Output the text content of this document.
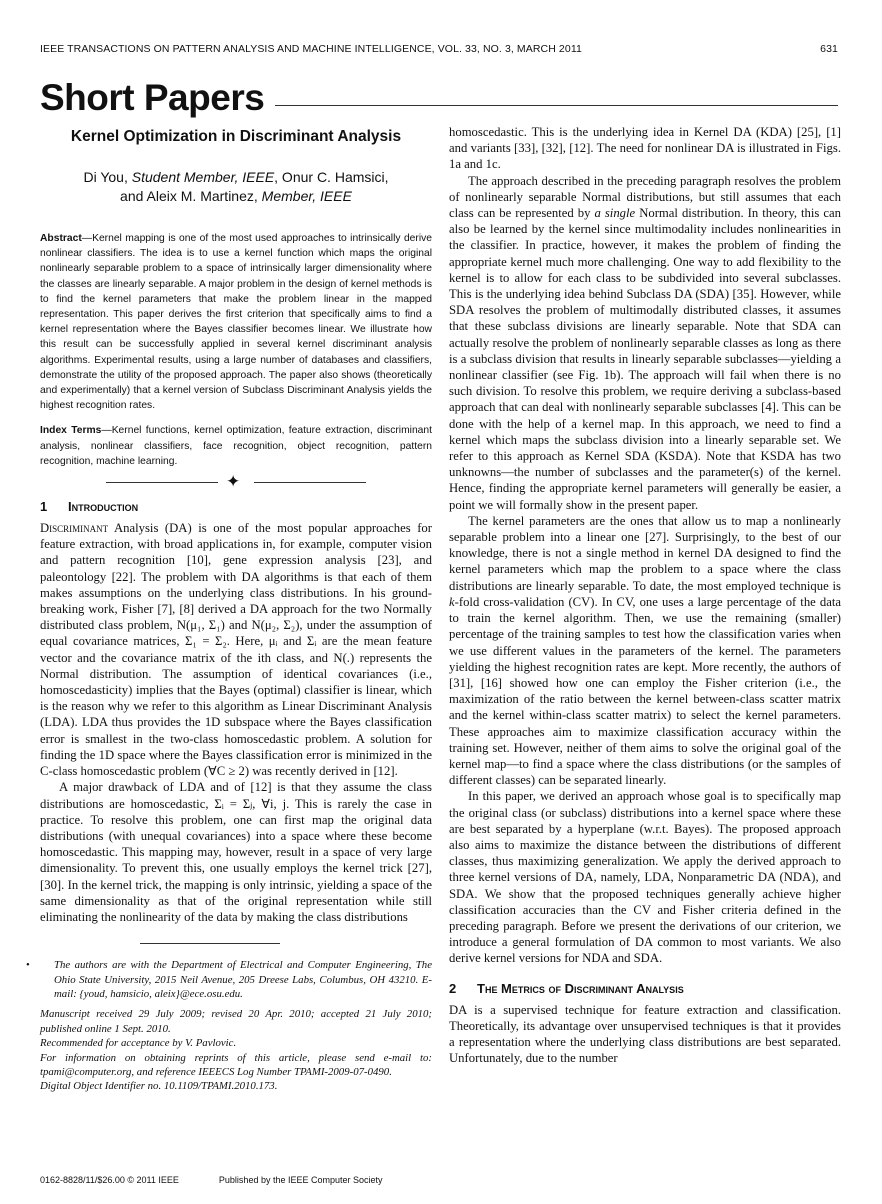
IEEE TRANSACTIONS ON PATTERN ANALYSIS AND MACHINE INTELLIGENCE, VOL. 33, NO. 3, MARCH 2011	631
Short Papers
Kernel Optimization in Discriminant Analysis
Di You, Student Member, IEEE, Onur C. Hamsici,
and Aleix M. Martinez, Member, IEEE
Abstract—Kernel mapping is one of the most used approaches to intrinsically derive nonlinear classifiers. The idea is to use a kernel function which maps the original nonlinearly separable problem to a space of intrinsically larger dimensionality where the classes are linearly separable. A major problem in the design of kernel methods is to find the kernel parameters that make the problem linear in the mapped representation. This paper derives the first criterion that specifically aims to find a kernel representation where the Bayes classifier becomes linear. We illustrate how this result can be successfully applied in several kernel discriminant analysis algorithms. Experimental results, using a large number of databases and classifiers, demonstrate the utility of the proposed approach. The paper also shows (theoretically and experimentally) that a kernel version of Subclass Discriminant Analysis yields the highest recognition rates.
Index Terms—Kernel functions, kernel optimization, feature extraction, discriminant analysis, nonlinear classifiers, face recognition, object recognition, pattern recognition, machine learning.
✦
1 Introduction

Discriminant Analysis (DA) is one of the most popular approaches for feature extraction, with broad applications in, for example, computer vision and pattern recognition [10], gene expression analysis [23], and paleontology [22]. The problem with DA algorithms is that each of them makes assumptions on the underlying class distributions. In his ground-breaking work, Fisher [7], [8] derived a DA approach for the two Normally distributed class problem, N(μ₁, Σ₁) and N(μ₂, Σ₂), under the assumption of equal covariance matrices, Σ₁ = Σ₂. Here, μᵢ and Σᵢ are the mean feature vector and the covariance matrix of the ith class, and N(.) represents the Normal distribution. The assumption of identical covariances (i.e., homoscedasticity) implies that the Bayes (optimal) classifier is linear, which is the reason why we refer to this algorithm as Linear Discriminant Analysis (LDA). LDA thus provides the 1D subspace where the Bayes classification error is smallest in the two-class homoscedastic problem. A solution for finding the 1D space where the Bayes classification error is minimized in the C-class homoscedastic problem (∀C ≥ 2) was recently derived in [12].

A major drawback of LDA and of [12] is that they assume the class distributions are homoscedastic, Σᵢ = Σⱼ, ∀i, j. This is rarely the case in practice. To resolve this problem, one can first map the original data distributions (with unequal covariances) into a space where these become homoscedastic. This mapping may, however, result in a space of very large dimensionality. To prevent this, one usually employs the kernel trick [27], [30]. In the kernel trick, the mapping is only intrinsic, yielding a space of the same dimensionality as that of the original representation while still eliminating the nonlinearity of the data by making the class distributions

• The authors are with the Department of Electrical and Computer Engineering, The Ohio State University, 2015 Neil Avenue, 205 Dreese Labs, Columbus, OH 43210. E-mail: {youd, hamsicio, aleix}@ece.osu.edu.

Manuscript received 29 July 2009; revised 20 Apr. 2010; accepted 21 July 2010; published online 1 Sept. 2010.

Recommended for acceptance by V. Pavlovic.

For information on obtaining reprints of this article, please send e-mail to: tpami@computer.org, and reference IEEECS Log Number TPAMI-2009-07-0490.

Digital Object Identifier no. 10.1109/TPAMI.2010.173.

homoscedastic. This is the underlying idea in Kernel DA (KDA) [25], [1] and variants [33], [32], [12]. The need for nonlinear DA is illustrated in Figs. 1a and 1c.

The approach described in the preceding paragraph resolves the problem of nonlinearly separable Normal distributions, but still assumes that each class can be represented by a single Normal distribution. In theory, this can also be learned by the kernel since multimodality includes nonlinearities in the classifier. In practice, however, it makes the problem of finding the appropriate kernel much more challenging. One way to add flexibility to the kernel is to allow for each class to be subdivided into several subclasses. This is the underlying idea behind Subclass DA (SDA) [35]. However, while SDA resolves the problem of multimodally distributed classes, it assumes that these subclass divisions are linearly separable. Note that SDA can actually resolve the problem of nonlinearly separable classes as long as there is a subclass division that results in linearly separable subclasses—yielding a nonlinear classifier (see Fig. 1b). The approach will fail when there is no such division. To resolve this problem, we require deriving a subclass-based approach that can deal with nonlinearly separable subclasses [4]. This can be done with the help of a kernel map. In this approach, we need to find a kernel which maps the subclass division into a linearly separable set. We refer to this approach as Kernel SDA (KSDA). Note that KSDA has two unknowns—the number of subclasses and the parameter(s) of the kernel. Hence, finding the appropriate kernel parameters will generally be easier, a point we will formally show in the present paper.

The kernel parameters are the ones that allow us to map a nonlinearly separable problem into a linear one [27]. Surprisingly, to the best of our knowledge, there is not a single method in kernel DA designed to find the kernel parameters which map the problem to a space where the class distributions are linearly separable. To date, the most employed technique is k-fold cross-validation (CV). In CV, one uses a large percentage of the data to train the kernel algorithm. Then, we use the remaining (smaller) percentage of the training samples to test how the classification varies when we use different values in the parameters of the kernel. The parameters yielding the highest recognition rates are kept. More recently, the authors of [31], [16] showed how one can employ the Fisher criterion (i.e., the maximization of the ratio between the kernel between-class scatter matrix and the kernel within-class scatter matrix) to select the kernel parameters. These approaches aim to maximize classification accuracy within the training set. However, neither of them aims to solve the original goal of the kernel map—to find a space where the class distributions (or the samples of different classes) can be separated linearly.

In this paper, we derived an approach whose goal is to specifically map the original class (or subclass) distributions into a kernel space where these are best separated by a hyperplane (w.r.t. Bayes). The proposed approach also aims to maximize the distance between the distributions of different classes, thus maximizing generalization. We apply the derived approach to three kernel versions of DA, namely, LDA, Nonparametric DA (NDA), and SDA. We show that the proposed techniques generally achieve higher classification accuracies than the CV and Fisher criteria defined in the preceding paragraph. Before we present the derivations of our criterion, we introduce a general formulation of DA common to most variants. We also derive kernel versions for NDA and SDA.

2 The Metrics of Discriminant Analysis

DA is a supervised technique for feature extraction and classification. Theoretically, its advantage over unsupervised techniques is that it provides a representation where the underlying class distributions are best separated. Unfortunately, due to the number

0162-8828/11/$26.00 © 2011 IEEE	Published by the IEEE Computer Society
